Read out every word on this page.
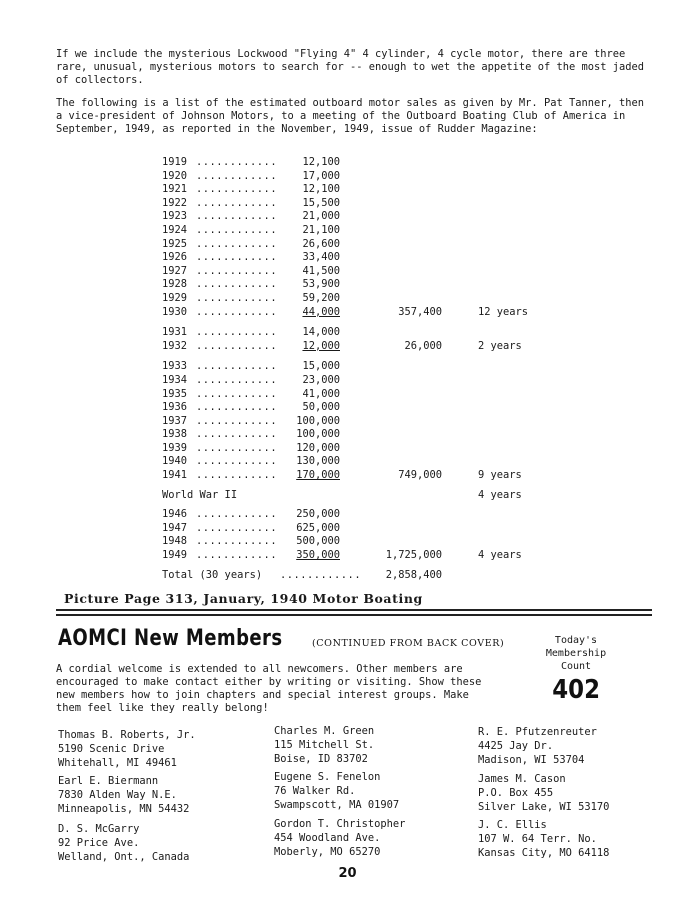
If we include the mysterious Lockwood "Flying 4" 4 cylinder, 4 cycle motor, there are three rare, unusual, mysterious motors to search for -- enough to wet the appetite of the most jaded of collectors.

The following is a list of the estimated outboard motor sales as given by Mr. Pat Tanner, then a vice-president of Johnson Motors, to a meeting of the Outboard Boating Club of America in September, 1949, as reported in the November, 1949, issue of Rudder Magazine:

1919 ............	12,100
1920 ............	17,000
1921 ............	12,100
1922 ............	15,500
1923 ............	21,000
1924 ............	21,100
1925 ............	26,600
1926 ............	33,400
1927 ............	41,500
1928 ............	53,900
1929 ............	59,200
1930 ............	44,000	357,400	12 years
1931 ............	14,000
1932 ............	12,000	26,000	2 years
1933 ............	15,000
1934 ............	23,000
1935 ............	41,000
1936 ............	50,000
1937 ............ 100,000
1938 ............ 100,000
1939 ............ 120,000
1940 ............ 130,000
1941 ............ 170,000	749,000	9 years
World War II	4 years
1946 ............ 250,000
1947 ............ 625,000
1948 ............ 500,000
1949 ............ 350,000	1,725,000	4 years
Total (30 years) ............	2,858,400
Picture Page 313, January, 1940 Motor Boating
AOMCI New Members	(CONTINUED FROM BACK COVER)	Today's
Membership
Count
402

A cordial welcome is extended to all newcomers. Other members are encouraged to make contact either by writing or visiting. Show these new members how to join chapters and special interest groups. Make them feel like they really belong!

Thomas B. Roberts, Jr.
5190 Scenic Drive
Whitehall, MI 49461
Earl E. Biermann
7830 Alden Way N.E.
Minneapolis, MN 54432
D. S. McGarry
92 Price Ave.
Welland, Ont., Canada
Charles M. Green
115 Mitchell St.
Boise, ID 83702
Eugene S. Fenelon
76 Walker Rd.
Swampscott, MA 01907
Gordon T. Christopher
454 Woodland Ave.
Moberly, MO 65270
R. E. Pfutzenreuter
4425 Jay Dr.
Madison, WI 53704
James M. Cason
P.O. Box 455
Silver Lake, WI 53170
J. C. Ellis
107 W. 64 Terr. No.
Kansas City, MO 64118
20
